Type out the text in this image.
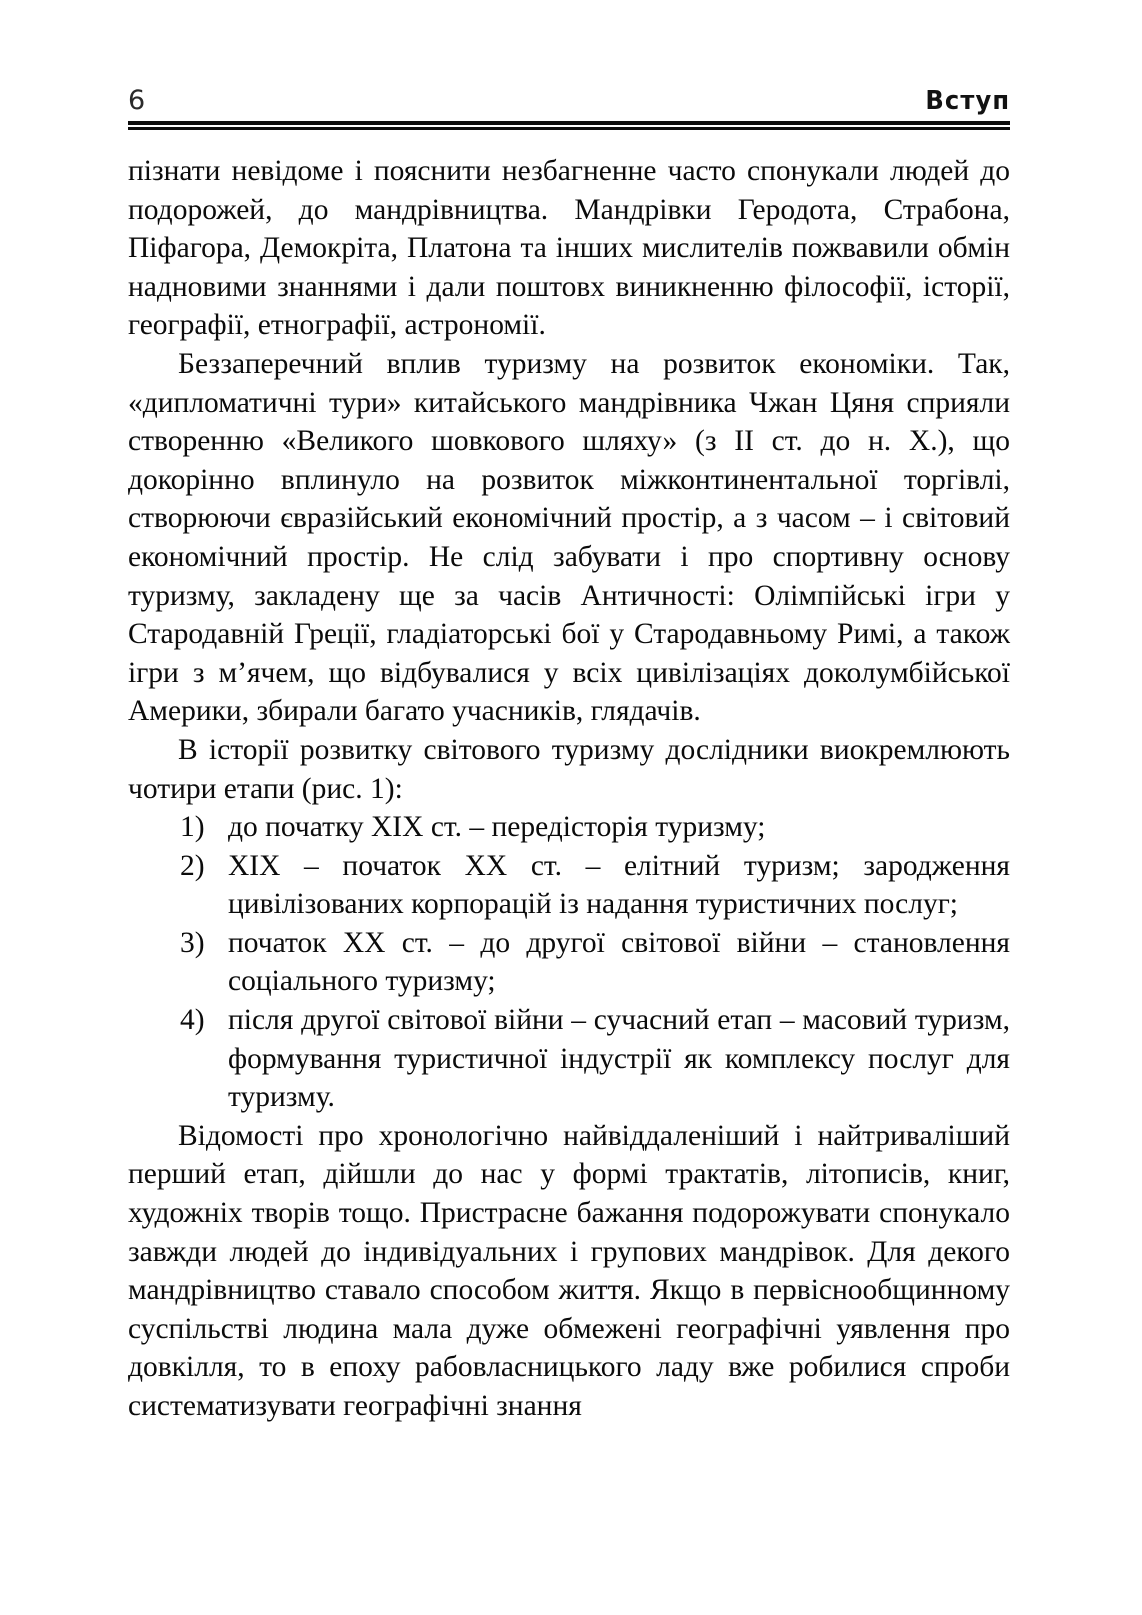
6	Вступ

пізнати невідоме і пояснити незбагненне часто спонукали людей до подорожей, до мандрівництва. Мандрівки Геродота, Страбона, Піфагора, Демокріта, Платона та інших мислителів пожвавили обмін надновими знаннями і дали поштовх виникненню філософії, історії, географії, етнографії, астрономії.

Беззаперечний вплив туризму на розвиток економіки. Так, «дипломатичні тури» китайського мандрівника Чжан Цяня сприяли створенню «Великого шовкового шляху» (з ІІ ст. до н. Х.), що докорінно вплинуло на розвиток міжконтинентальної торгівлі, створюючи євразійський економічний простір, а з часом – і світовий економічний простір. Не слід забувати і про спортивну основу туризму, закладену ще за часів Античності: Олімпійські ігри у Стародавній Греції, гладіаторські бої у Стародавньому Римі, а також ігри з м’ячем, що відбувалися у всіх цивілізаціях доколумбійської Америки, збирали багато учасників, глядачів.

В історії розвитку світового туризму дослідники виокремлюють чотири етапи (рис. 1):

1) до початку XIX ст. – передісторія туризму;
2) XIX – початок XX ст. – елітний туризм; зародження цивілізованих корпорацій із надання туристичних послуг;
3) початок XX ст. – до другої світової війни – становлення соціального туризму;
4) після другої світової війни – сучасний етап – масовий туризм, формування туристичної індустрії як комплексу послуг для туризму.

Відомості про хронологічно найвіддаленіший і найтриваліший перший етап, дійшли до нас у формі трактатів, літописів, книг, художніх творів тощо. Пристрасне бажання подорожувати спонукало завжди людей до індивідуальних і групових мандрівок. Для декого мандрівництво ставало способом життя. Якщо в первіснообщинному суспільстві людина мала дуже обмежені географічні уявлення про довкілля, то в епоху рабовласницького ладу вже робилися спроби систематизувати географічні знання
